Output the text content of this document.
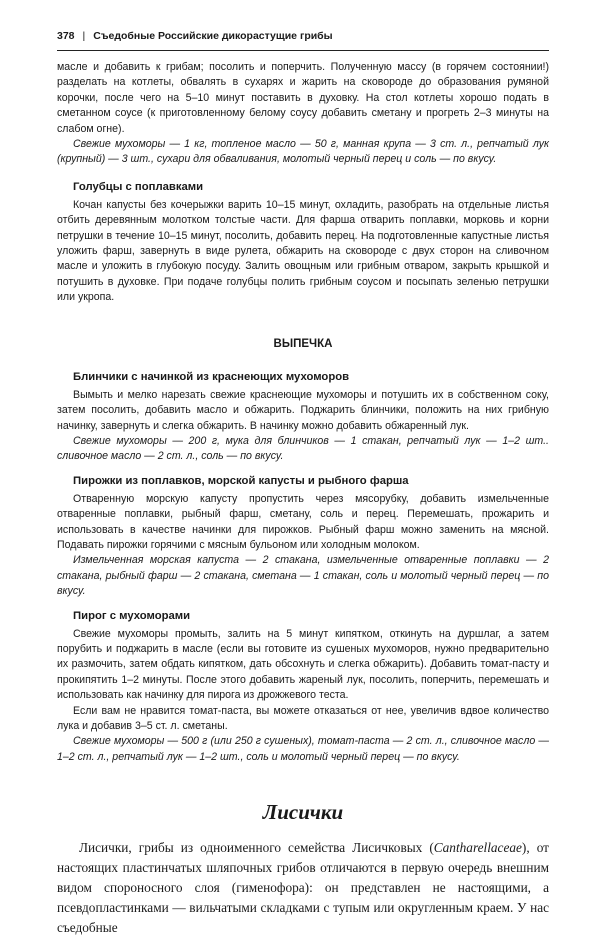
378 | Съедобные Российские дикорастущие грибы

масле и добавить к грибам; посолить и поперчить. Полученную массу (в горячем состоянии!) разделать на котлеты, обвалять в сухарях и жарить на сковороде до образования румяной корочки, после чего на 5–10 минут поставить в духовку. На стол котлеты хорошо подать в сметанном соусе (к приготовленному белому соусу добавить сметану и прогреть 2–3 минуты на слабом огне).

Свежие мухоморы — 1 кг, топленое масло — 50 г, манная крупа — 3 ст. л., репчатый лук (крупный) — 3 шт., сухари для обваливания, молотый черный перец и соль — по вкусу.

Голубцы с поплавками

Кочан капусты без кочерыжки варить 10–15 минут, охладить, разобрать на отдельные листья отбить деревянным молотком толстые части. Для фарша отварить поплавки, морковь и корни петрушки в течение 10–15 минут, посолить, добавить перец. На подготовленные капустные листья уложить фарш, завернуть в виде рулета, обжарить на сковороде с двух сторон на сливочном масле и уложить в глубокую посуду. Залить овощным или грибным отваром, закрыть крышкой и потушить в духовке. При подаче голубцы полить грибным соусом и посыпать зеленью петрушки или укропа.

ВЫПЕЧКА
Блинчики с начинкой из краснеющих мухоморов

Вымыть и мелко нарезать свежие краснеющие мухоморы и потушить их в собственном соку, затем посолить, добавить масло и обжарить. Поджарить блинчики, положить на них грибную начинку, завернуть и слегка обжарить. В начинку можно добавить обжаренный лук.

Свежие мухоморы — 200 г, мука для блинчиков — 1 стакан, репчатый лук — 1–2 шт.. сливочное масло — 2 ст. л., соль — по вкусу.

Пирожки из поплавков, морской капусты и рыбного фарша

Отваренную морскую капусту пропустить через мясорубку, добавить измельченные отваренные поплавки, рыбный фарш, сметану, соль и перец. Перемешать, прожарить и использовать в качестве начинки для пирожков. Рыбный фарш можно заменить на мясной. Подавать пирожки горячими с мясным бульоном или холодным молоком.

Измельченная морская капуста — 2 стакана, измельченные отваренные поплавки — 2 стакана, рыбный фарш — 2 стакана, сметана — 1 стакан, соль и молотый черный перец — по вкусу.

Пирог с мухоморами

Свежие мухоморы промыть, залить на 5 минут кипятком, откинуть на дуршлаг, а затем порубить и поджарить в масле (если вы готовите из сушеных мухоморов, нужно предварительно их размочить, затем обдать кипятком, дать обсохнуть и слегка обжарить). Добавить томат-пасту и прокипятить 1–2 минуты. После этого добавить жареный лук, посолить, поперчить, перемешать и использовать как начинку для пирога из дрожжевого теста.

Если вам не нравится томат-паста, вы можете отказаться от нее, увеличив вдвое количество лука и добавив 3–5 ст. л. сметаны.

Свежие мухоморы — 500 г (или 250 г сушеных), томат-паста — 2 ст. л., сливочное масло — 1–2 ст. л., репчатый лук — 1–2 шт., соль и молотый черный перец — по вкусу.

Лисички

Лисички, грибы из одноименного семейства Лисичковых (Cantharellaceae), от настоящих пластинчатых шляпочных грибов отличаются в первую очередь внешним видом спороносного слоя (гименофора): он представлен не настоящими, а псевдопластинками — вильчатыми складками с тупым или округленным краем. У нас съедобные
